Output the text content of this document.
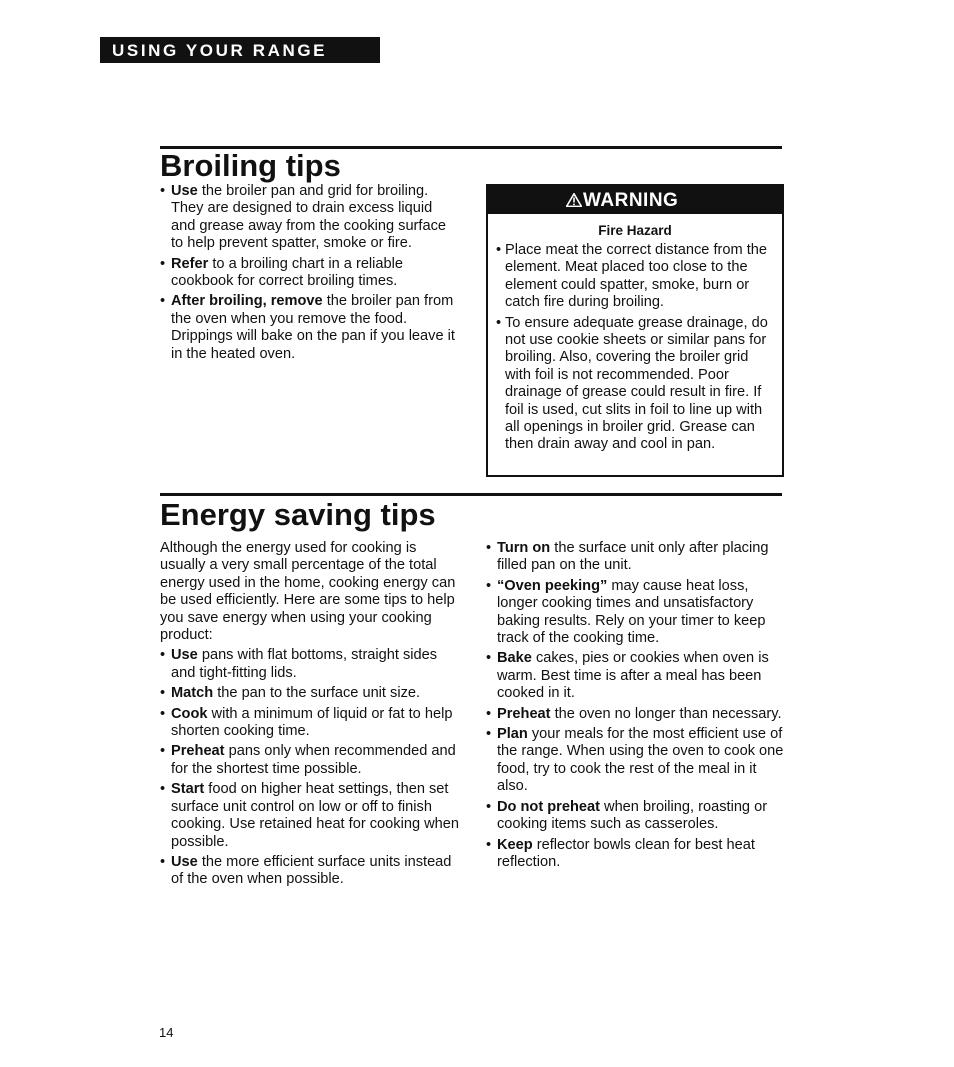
USING YOUR RANGE
Broiling tips
• Use the broiler pan and grid for broiling. They are designed to drain excess liquid and grease away from the cooking surface to help prevent spatter, smoke or fire.
• Refer to a broiling chart in a reliable cookbook for correct broiling times.
• After broiling, remove the broiler pan from the oven when you remove the food. Drippings will bake on the pan if you leave it in the heated oven.
WARNING
Fire Hazard
• Place meat the correct distance from the element. Meat placed too close to the element could spatter, smoke, burn or catch fire during broiling.
• To ensure adequate grease drainage, do not use cookie sheets or similar pans for broiling. Also, covering the broiler grid with foil is not recommended. Poor drainage of grease could result in fire. If foil is used, cut slits in foil to line up with all openings in broiler grid. Grease can then drain away and cool in pan.
Energy saving tips

Although the energy used for cooking is usually a very small percentage of the total energy used in the home, cooking energy can be used efficiently. Here are some tips to help you save energy when using your cooking product:

• Use pans with flat bottoms, straight sides and tight-fitting lids.
• Match the pan to the surface unit size.
• Cook with a minimum of liquid or fat to help shorten cooking time.
• Preheat pans only when recommended and for the shortest time possible.
• Start food on higher heat settings, then set surface unit control on low or off to finish cooking. Use retained heat for cooking when possible.
• Use the more efficient surface units instead of the oven when possible.
• Turn on the surface unit only after placing filled pan on the unit.
• “Oven peeking” may cause heat loss, longer cooking times and unsatisfactory baking results. Rely on your timer to keep track of the cooking time.
• Bake cakes, pies or cookies when oven is warm. Best time is after a meal has been cooked in it.
• Preheat the oven no longer than necessary.
• Plan your meals for the most efficient use of the range. When using the oven to cook one food, try to cook the rest of the meal in it also.
• Do not preheat when broiling, roasting or cooking items such as casseroles.
• Keep reflector bowls clean for best heat reflection.
14
